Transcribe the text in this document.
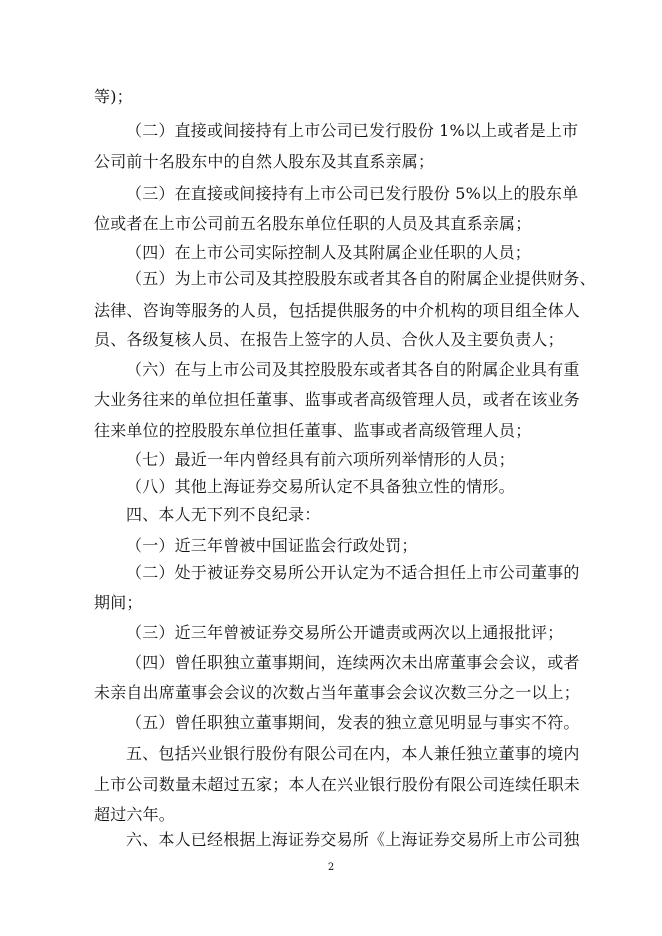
等)；
（二）直接或间接持有上市公司已发行股份 1%以上或者是上市
公司前十名股东中的自然人股东及其直系亲属；
（三）在直接或间接持有上市公司已发行股份 5%以上的股东单
位或者在上市公司前五名股东单位任职的人员及其直系亲属；
（四）在上市公司实际控制人及其附属企业任职的人员；
（五）为上市公司及其控股股东或者其各自的附属企业提供财务、
法律、咨询等服务的人员，包括提供服务的中介机构的项目组全体人
员、各级复核人员、在报告上签字的人员、合伙人及主要负责人；
（六）在与上市公司及其控股股东或者其各自的附属企业具有重
大业务往来的单位担任董事、监事或者高级管理人员，或者在该业务
往来单位的控股股东单位担任董事、监事或者高级管理人员；
（七）最近一年内曾经具有前六项所列举情形的人员；
（八）其他上海证券交易所认定不具备独立性的情形。
四、本人无下列不良纪录：
（一）近三年曾被中国证监会行政处罚；
（二）处于被证券交易所公开认定为不适合担任上市公司董事的
期间；
（三）近三年曾被证券交易所公开谴责或两次以上通报批评；
（四）曾任职独立董事期间，连续两次未出席董事会会议，或者
未亲自出席董事会会议的次数占当年董事会会议次数三分之一以上；
（五）曾任职独立董事期间，发表的独立意见明显与事实不符。
五、包括兴业银行股份有限公司在内，本人兼任独立董事的境内
上市公司数量未超过五家；本人在兴业银行股份有限公司连续任职未
超过六年。
六、本人已经根据上海证券交易所《上海证券交易所上市公司独
2
